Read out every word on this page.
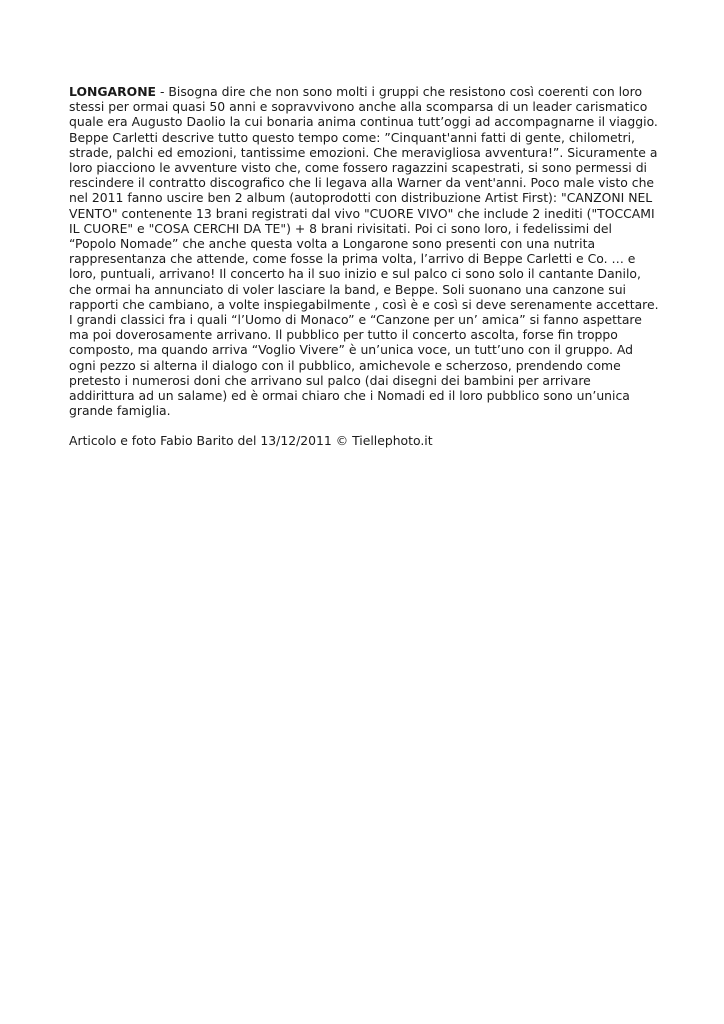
LONGARONE - Bisogna dire che non sono molti i gruppi che resistono così coerenti con loro stessi per ormai quasi 50 anni e sopravvivono anche alla scomparsa di un leader carismatico quale era Augusto Daolio la cui bonaria anima continua tutt’oggi ad accompagnarne il viaggio. Beppe Carletti descrive tutto questo tempo come: ”Cinquant'anni fatti di gente, chilometri, strade, palchi ed emozioni, tantissime emozioni. Che meravigliosa avventura!”. Sicuramente a loro piacciono le avventure visto che, come fossero ragazzini scapestrati, si sono permessi di rescindere il contratto discografico che li legava alla Warner da vent'anni. Poco male visto che nel 2011 fanno uscire ben 2 album (autoprodotti con distribuzione Artist First): "CANZONI NEL VENTO" contenente 13 brani registrati dal vivo "CUORE VIVO" che include 2 inediti ("TOCCAMI IL CUORE" e "COSA CERCHI DA TE") + 8 brani rivisitati. Poi ci sono loro, i fedelissimi del “Popolo Nomade” che anche questa volta a Longarone sono presenti con una nutrita rappresentanza che attende, come fosse la prima volta, l’arrivo di Beppe Carletti e Co. … e loro, puntuali, arrivano! Il concerto ha il suo inizio e sul palco ci sono solo il cantante Danilo, che ormai ha annunciato di voler lasciare la band, e Beppe. Soli suonano una canzone sui rapporti che cambiano, a volte inspiegabilmente , così è e così si deve serenamente accettare. I grandi classici fra i quali “l’Uomo di Monaco” e “Canzone per un’ amica” si fanno aspettare ma poi doverosamente arrivano. Il pubblico per tutto il concerto ascolta, forse fin troppo composto, ma quando arriva “Voglio Vivere” è un’unica voce, un tutt’uno con il gruppo. Ad ogni pezzo si alterna il dialogo con il pubblico, amichevole e scherzoso, prendendo come pretesto i numerosi doni che arrivano sul palco (dai disegni dei bambini per arrivare addirittura ad un salame) ed è ormai chiaro che i Nomadi ed il loro pubblico sono un’unica grande famiglia.

Articolo e foto Fabio Barito del 13/12/2011 © Tiellephoto.it
